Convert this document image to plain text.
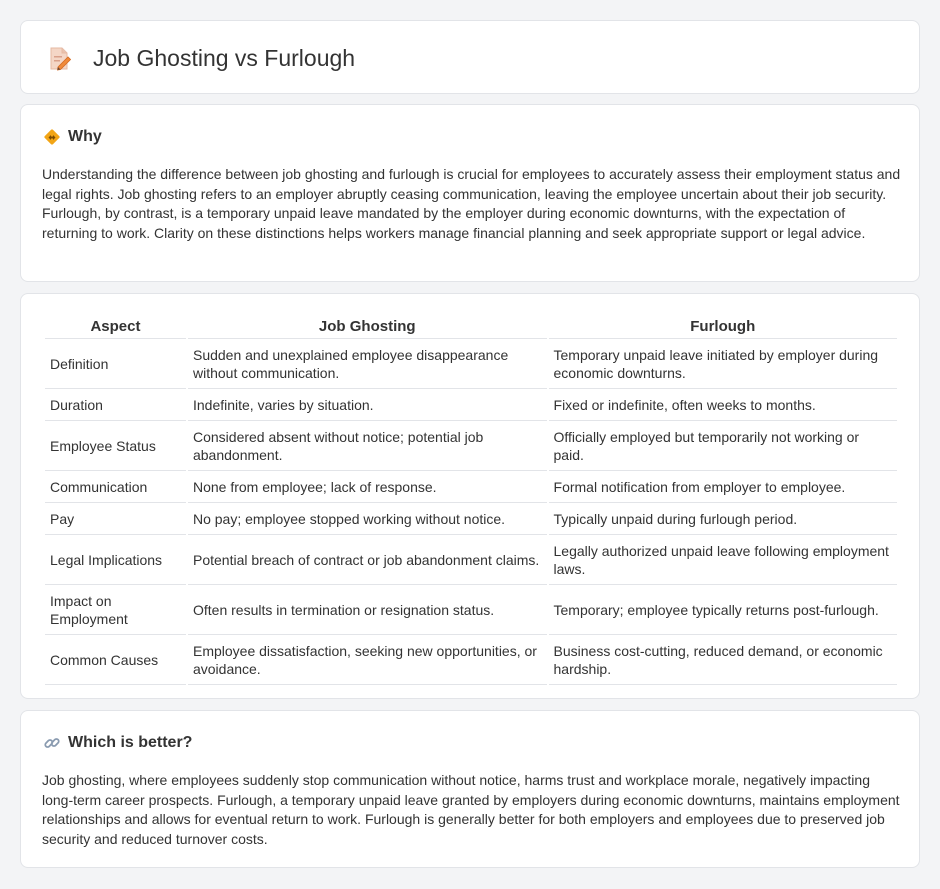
Job Ghosting vs Furlough
Why

Understanding the difference between job ghosting and furlough is crucial for employees to accurately assess their employment status and legal rights. Job ghosting refers to an employer abruptly ceasing communication, leaving the employee uncertain about their job security. Furlough, by contrast, is a temporary unpaid leave mandated by the employer during economic downturns, with the expectation of returning to work. Clarity on these distinctions helps workers manage financial planning and seek appropriate support or legal advice.

Aspect	Job Ghosting	Furlough
Definition	Sudden and unexplained employee disappearance without communication.	Temporary unpaid leave initiated by employer during economic downturns.
Duration	Indefinite, varies by situation.	Fixed or indefinite, often weeks to months.
Employee Status	Considered absent without notice; potential job abandonment.	Officially employed but temporarily not working or paid.
Communication	None from employee; lack of response.	Formal notification from employer to employee.
Pay	No pay; employee stopped working without notice.	Typically unpaid during furlough period.
Legal Implications	Potential breach of contract or job abandonment claims.	Legally authorized unpaid leave following employment laws.
Impact on Employment	Often results in termination or resignation status.	Temporary; employee typically returns post-furlough.
Common Causes	Employee dissatisfaction, seeking new opportunities, or avoidance.	Business cost-cutting, reduced demand, or economic hardship.
Which is better?

Job ghosting, where employees suddenly stop communication without notice, harms trust and workplace morale, negatively impacting long-term career prospects. Furlough, a temporary unpaid leave granted by employers during economic downturns, maintains employment relationships and allows for eventual return to work. Furlough is generally better for both employers and employees due to preserved job security and reduced turnover costs.
